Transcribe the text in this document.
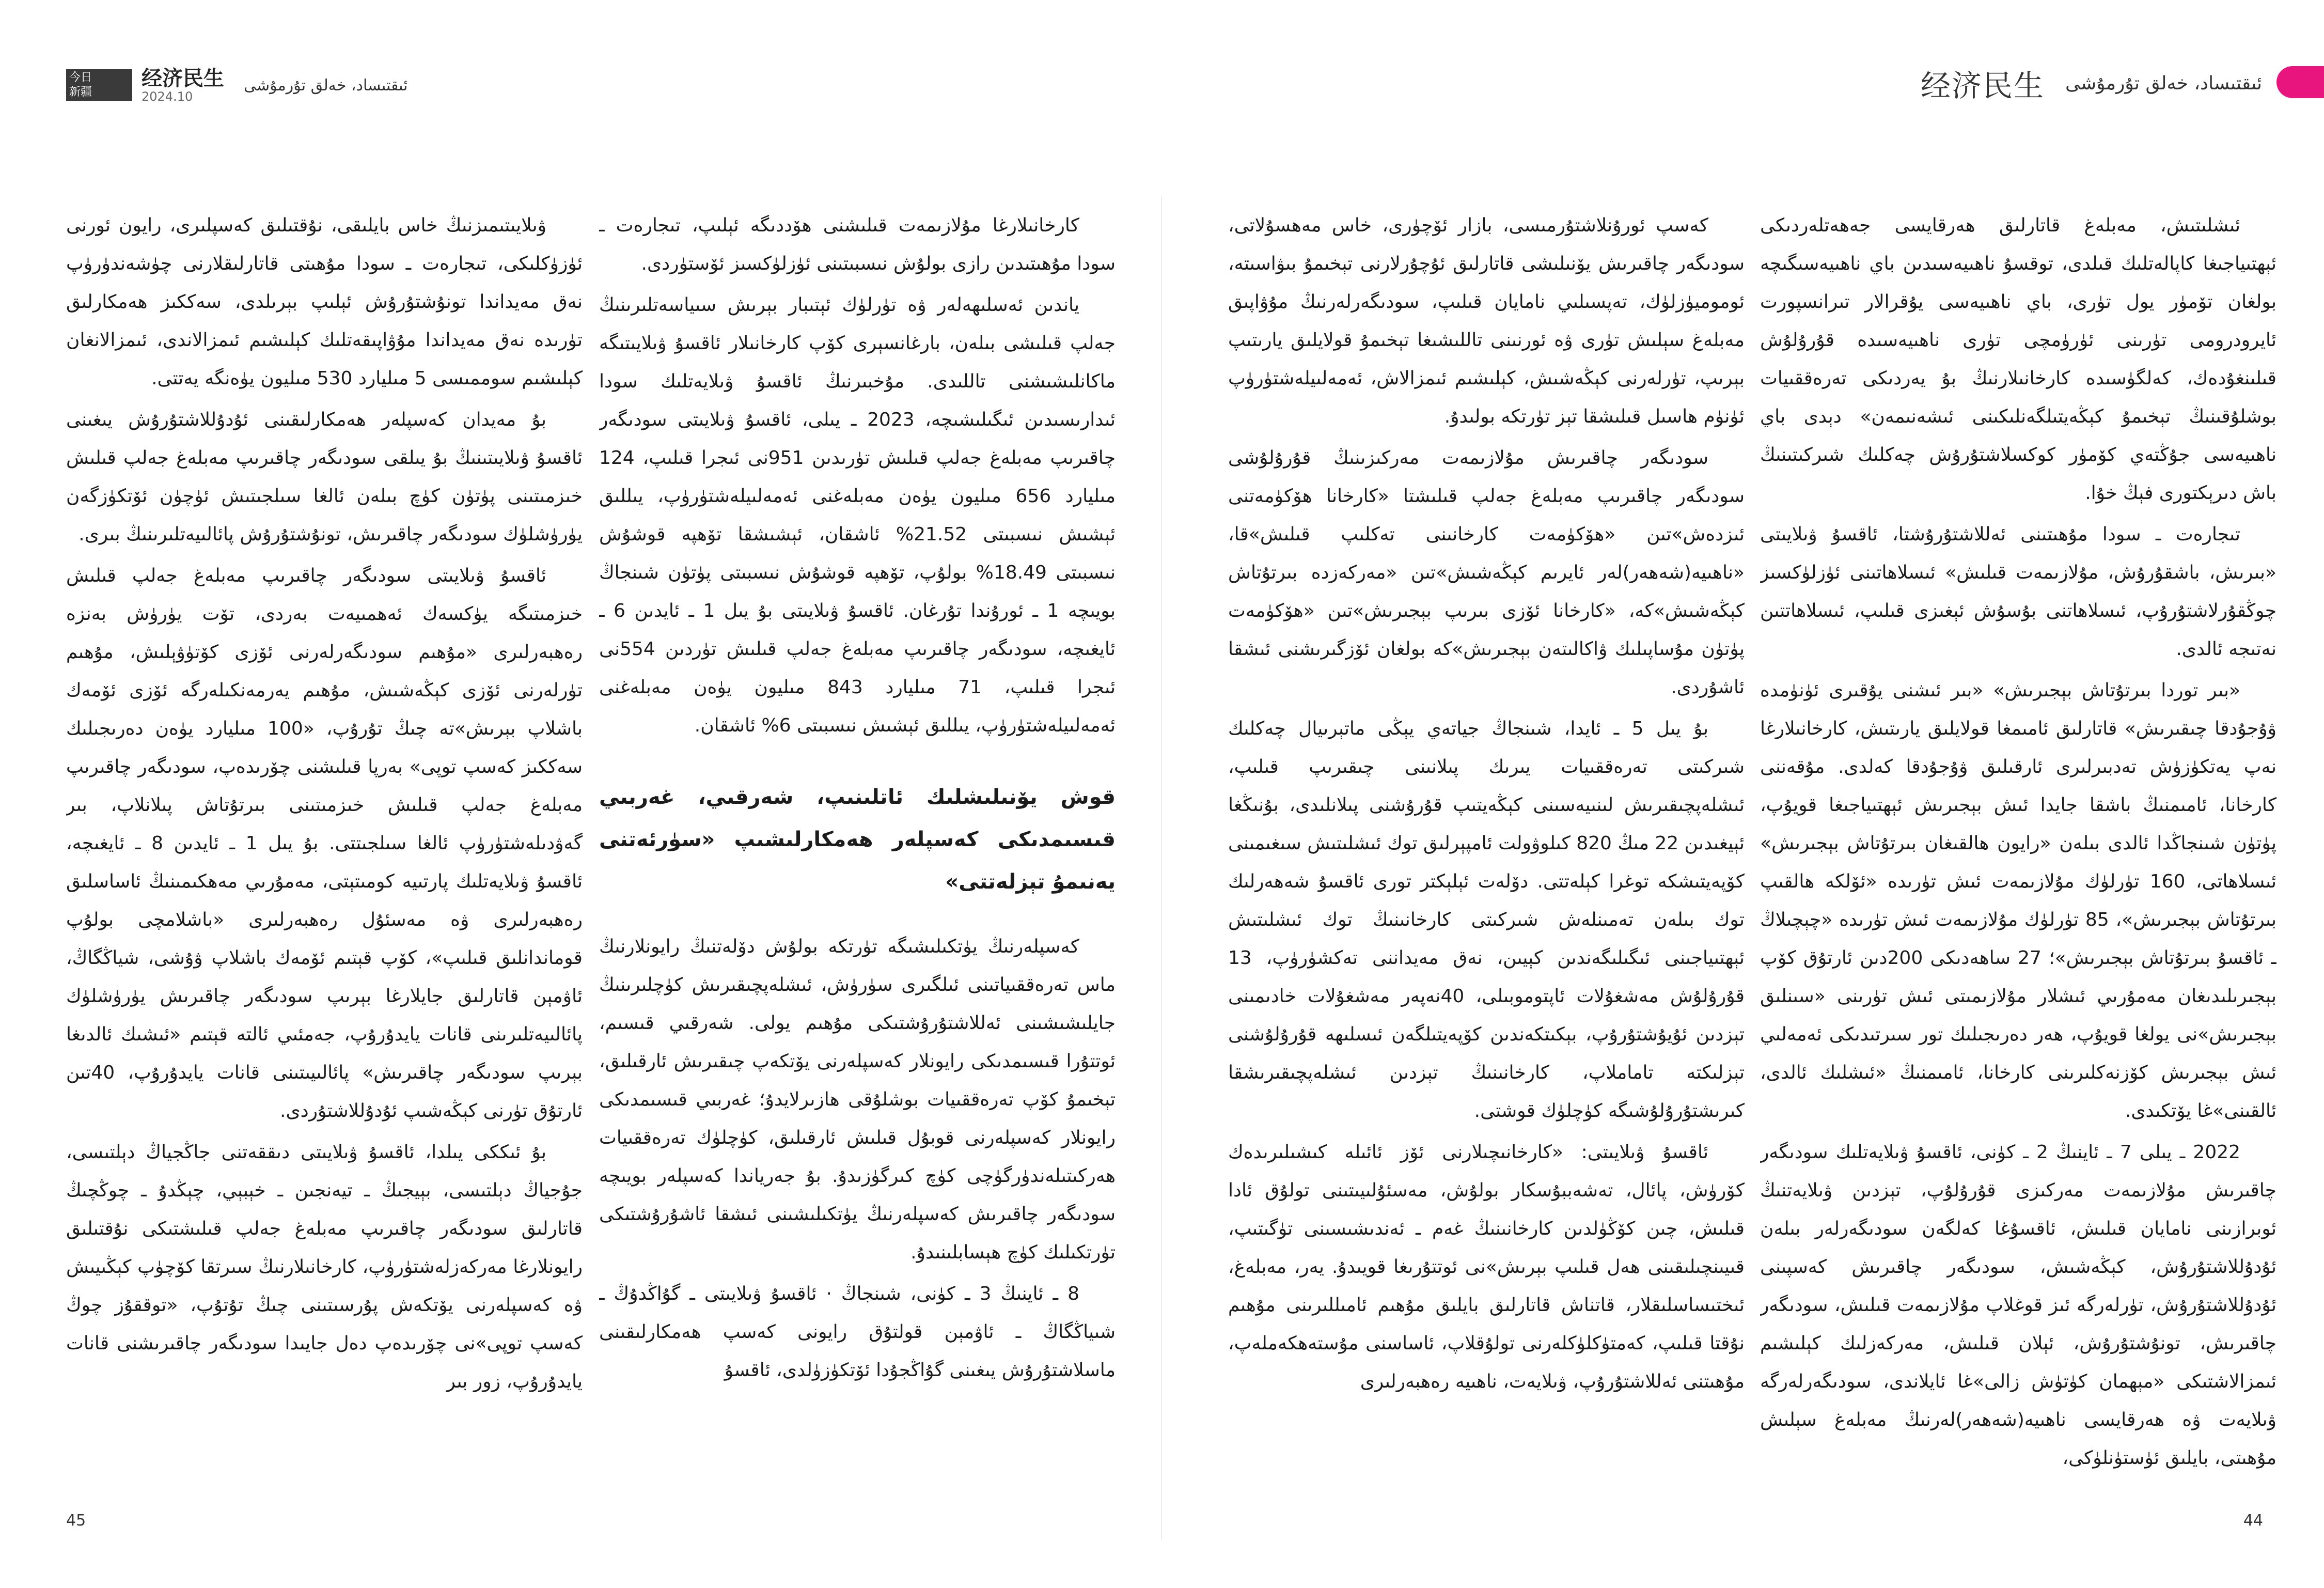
今日
新疆
经济民生
2024.10
ئىقتىساد، خەلق تۇرمۇشى	经济民生 ئىقتىساد، خەلق تۇرمۇشى

ۋىلايىتىمىزنىڭ خاس بايلىقى، نۇقتىلىق كەسپلىرى، رايون ئورنى ئۈزۈكلىكى، تىجارەت ـ سودا مۇھىتى قاتارلىقلارنى چۈشەندۈرۈپ نەق مەيداندا تونۇشتۇرۇش ئېلىپ بېرىلدى، سەككىز ھەمكارلىق تۈرىدە نەق مەيداندا مۇۋاپىقەتلىك كېلىشىم ئىمزالاندى، ئىمزالانغان كېلىشىم سوممىسى 5 مىليارد 530 مىليون يۈەنگە يەتتى.

بۇ مەيدان كەسپلەر ھەمكارلىقىنى ئۇدۇللاشتۇرۇش يىغىنى ئاقسۇ ۋىلايىتىنىڭ بۇ يىلقى سودىگەر چاقىرىپ مەبلەغ جەلپ قىلىش خىزمىتىنى پۈتۈن كۈچ بىلەن ئالغا سىلجىتىش ئۈچۈن ئۆتكۈزگەن يۈرۈشلۈك سودىگەر چاقىرىش، تونۇشتۇرۇش پائالىيەتلىرىنىڭ بىرى.

ئاقسۇ ۋىلايىتى سودىگەر چاقىرىپ مەبلەغ جەلپ قىلىش خىزمىتىگە يۈكسەك ئەھمىيەت بەردى، تۆت يۈرۈش بەنزە رەھبەرلىرى «مۇھىم سودىگەرلەرنى ئۆزى كۆتۈۋېلىش، مۇھىم تۈرلەرنى ئۆزى كېڭەشىش، مۇھىم يەرمەنكىلەرگە ئۆزى ئۆمەك باشلاپ بېرىش»تە چىڭ تۇرۇپ، «100 مىليارد يۈەن دەرىجىلىك سەككىز كەسپ توپى» بەرپا قىلىشنى چۆرىدەپ، سودىگەر چاقىرىپ مەبلەغ جەلپ قىلىش خىزمىتىنى بىرتۇتاش پىلانلاپ، بىر گەۋدىلەشتۈرۈپ ئالغا سىلجىتتى. بۇ يىل 1 ـ ئايدىن 8 ـ ئايغىچە، ئاقسۇ ۋىلايەتلىك پارتىيە كومىتېتى، مەمۇرىي مەھكىمىنىڭ ئاساسلىق رەھبەرلىرى ۋە مەسئۇل رەھبەرلىرى «باشلامچى بولۇپ قوماندانلىق قىلىپ»، كۆپ قېتىم ئۆمەك باشلاپ ۋۇشى، شياڭگاڭ، ئاۋمېن قاتارلىق جايلارغا بېرىپ سودىگەر چاقىرىش يۈرۈشلۈك پائالىيەتلىرىنى قانات يايدۇرۇپ، جەمئىي ئالتە قېتىم «ئىشىك ئالدىغا بېرىپ سودىگەر چاقىرىش» پائالىيىتىنى قانات يايدۇرۇپ، 40تىن ئارتۇق تۈرنى كېڭەشىپ ئۇدۇللاشتۇردى.

بۇ ئىككى يىلدا، ئاقسۇ ۋىلايىتى دىققەتنى جاڭجياڭ دېلتىسى، جۇجياڭ دېلتىسى، بېيجىڭ ـ تيەنجىن ـ خېبېي، چېڭدۇ ـ چوڭچىڭ قاتارلىق سودىگەر چاقىرىپ مەبلەغ جەلپ قىلىشتىكى نۇقتىلىق رايونلارغا مەركەزلەشتۈرۈپ، كارخانىلارنىڭ سىرتقا كۆچۈپ كېڭىيىش ۋە كەسپلەرنى يۆتكەش پۇرسىتىنى چىڭ تۇتۇپ، «توققۇز چوڭ كەسپ توپى»نى چۆرىدەپ دەل جايىدا سودىگەر چاقىرىشنى قانات يايدۇرۇپ، زور بىر

كارخانىلارغا مۇلازىمەت قىلىشنى ھۆددىگە ئېلىپ، تىجارەت ـ سودا مۇھىتىدىن رازى بولۇش نىسبىتىنى ئۈزلۈكسىز ئۆستۈردى.

ياندىن ئەسلىھەلەر ۋە تۈرلۈك ئېتىبار بېرىش سىياسەتلىرىنىڭ جەلپ قىلىشى بىلەن، بارغانسېرى كۆپ كارخانىلار ئاقسۇ ۋىلايىتىگە ماكانلىشىشنى تاللىدى. مۇخبىرنىڭ ئاقسۇ ۋىلايەتلىك سودا ئىدارىسىدىن ئىگىلىشىچە، 2023 ـ يىلى، ئاقسۇ ۋىلايىتى سودىگەر چاقىرىپ مەبلەغ جەلپ قىلىش تۈرىدىن 951نى ئىجرا قىلىپ، 124 مىليارد 656 مىليون يۈەن مەبلەغنى ئەمەلىيلەشتۈرۈپ، يىللىق ئېشىش نىسبىتى 21.52% ئاشقان، ئېشىشقا تۆھپە قوشۇش نىسبىتى 18.49% بولۇپ، تۆھپە قوشۇش نىسبىتى پۈتۈن شىنجاڭ بويىچە 1 ـ ئورۇندا تۇرغان. ئاقسۇ ۋىلايىتى بۇ يىل 1 ـ ئايدىن 6 ـ ئايغىچە، سودىگەر چاقىرىپ مەبلەغ جەلپ قىلىش تۈردىن 554نى ئىجرا قىلىپ، 71 مىليارد 843 مىليون يۈەن مەبلەغنى ئەمەلىيلەشتۈرۈپ، يىللىق ئېشىش نىسبىتى 6% ئاشقان.

قوش يۆنىلىشلىك ئاتلىنىپ، شەرقىي، غەربىي قىسىمدىكى كەسپلەر ھەمكارلىشىپ «سۈرئەتنى يەنىمۇ تېزلەتتى»

كەسپلەرنىڭ يۈتكىلىشىگە تۈرتكە بولۇش دۆلەتنىڭ رايونلارنىڭ ماس تەرەققىياتىنى ئىلگىرى سۈرۈش، ئىشلەپچىقىرىش كۈچلىرىنىڭ جايلىشىشىنى ئەللاشتۇرۇشتىكى مۇھىم يولى. شەرقىي قىسىم، ئوتتۇرا قىسىمدىكى رايونلار كەسپلەرنى يۆتكەپ چىقىرىش ئارقىلىق، تېخىمۇ كۆپ تەرەققىيات بوشلۇقى ھازىرلايدۇ؛ غەربىي قىسىمدىكى رايونلار كەسپلەرنى قوبۇل قىلىش ئارقىلىق، كۈچلۈك تەرەققىيات ھەركىتىلەندۈرگۈچى كۈچ كىرگۈزىدۇ. بۇ جەرياندا كەسپلەر بويىچە سودىگەر چاقىرىش كەسپلەرنىڭ يۈتكىلىشىنى ئىشقا ئاشۇرۇشتىكى تۈرتكىلىك كۈچ ھېسابلىنىدۇ.

8 ـ ئاينىڭ 3 ـ كۈنى، شىنجاڭ · ئاقسۇ ۋىلايىتى ـ گۇاڭدۇڭ ـ شىياڭگاڭ ـ ئاۋمېن قولتۇق رايونى كەسپ ھەمكارلىقىنى ماسلاشتۇرۇش يىغىنى گۇاڭجۇدا ئۆتكۈزۈلدى، ئاقسۇ

كەسپ ئورۇنلاشتۇرمىسى، بازار ئۆچۈرى، خاس مەھسۇلاتى، سودىگەر چاقىرىش يۆنىلىشى قاتارلىق ئۇچۇرلارنى تېخىمۇ بىۋاسىتە، ئوموميۈزلۈك، تەپسىلىي نامايان قىلىپ، سودىگەرلەرنىڭ مۇۋاپىق مەبلەغ سېلىش تۈرى ۋە ئورنىنى تاللىشىغا تېخىمۇ قولايلىق يارىتىپ بېرىپ، تۈرلەرنى كېڭەشىش، كېلىشىم ئىمزالاش، ئەمەلىيلەشتۈرۈپ ئۈنۈم ھاسىل قىلىشقا تېز تۈرتكە بولىدۇ.

سودىگەر چاقىرىش مۇلازىمەت مەركىزىنىڭ قۇرۇلۇشى سودىگەر چاقىرىپ مەبلەغ جەلپ قىلىشتا «كارخانا ھۆكۈمەتنى ئىزدەش»تىن «ھۆكۈمەت كارخانىنى تەكلىپ قىلىش»قا، «ناھىيە(شەھەر)لەر ئايرىم كېڭەشىش»تىن «مەركەزدە بىرتۇتاش كېڭەشىش»كە، «كارخانا ئۆزى بىرىپ بېجىرىش»تىن «ھۆكۈمەت پۈتۈن مۇساپىلىك ۋاكالىتەن بېجىرىش»كە بولغان ئۆزگىرىشنى ئىشقا ئاشۇردى.

بۇ يىل 5 ـ ئايدا، شىنجاڭ جياتەي يېڭى ماتېرىيال چەكلىك شىركىتى تەرەققىيات يىرىك پىلانىنى چىقىرىپ قىلىپ، ئىشلەپچىقىرىش لىنىيەسىنى كېڭەيتىپ قۇرۇشنى پىلانلىدى، بۇنىڭغا ئېيغىدىن 22 مىڭ 820 كىلوۋولت ئامپېرلىق توك ئىشلىتىش سىغىمىنى كۆپەيتىشكە توغرا كېلەتتى. دۆلەت ئېلېكتر تورى ئاقسۇ شەھەرلىك توك بىلەن تەمىنلەش شىركىتى كارخانىنىڭ توك ئىشلىتىش ئېھتىياجىنى ئىگىلىگەندىن كېيىن، نەق مەيداننى تەكشۈرۈپ، 13 قۇرۇلۇش مەشغۇلات ئاپتوموبىلى، 40نەپەر مەشغۇلات خادىمىنى تېزدىن ئۇيۇشتۇرۇپ، بېكىتكەندىن كۆپەيتىلگەن ئىسلىھە قۇرۇلۇشنى تېزلىكتە تاماملاپ، كارخانىنىڭ تېزدىن ئىشلەپچىقىرىشقا كىرىشتۇرۇلۇشىگە كۈچلۈك قوشتى.

ئاقسۇ ۋىلايىتى: «كارخانىچىلارنى ئۆز ئائىلە كىشىلىرىدەك كۆرۈش، پائال، تەشەببۇسكار بولۇش، مەسئۇلىيىتىنى تولۇق ئادا قىلىش، چىن كۆڭۈلدىن كارخانىنىڭ غەم ـ ئەندىشىسىنى تۈگىتىپ، قىيىنچىلىقىنى ھەل قىلىپ بېرىش»نى ئوتتۇرىغا قويىدۇ. يەر، مەبلەغ، ئىختىساسلىقلار، قاتناش قاتارلىق بايلىق مۇھىم ئامىللىرىنى مۇھىم نۇقتا قىلىپ، كەمتۈكلۈكلەرنى تولۇقلاپ، ئاساسنى مۇستەھكەملەپ، مۇھىتنى ئەللاشتۇرۇپ، ۋىلايەت، ناھىيە رەھبەرلىرى

ئىشلىتىش، مەبلەغ قاتارلىق ھەرقايسى جەھەتلەردىكى ئېھتىياجىغا كاپالەتلىك قىلدى، توقسۇ ناھىيەسىدىن باي ناھىيەسىگىچە بولغان تۆمۈر يول تۈرى، باي ناھىيەسى يۇقرالار تىرانسپورت ئايرودرومى تۈرىنى ئۈرۈمچى تۈرى ناھىيەسىدە قۇرۇلۇش قىلىنغۇدەك، كەلگۈسىدە كارخانىلارنىڭ بۇ يەردىكى تەرەققىيات بوشلۇقىنىڭ تېخىمۇ كېڭەيتىلگەنلىكىنى ئىشەنىمەن» دېدى باي ناھىيەسى جۇڭتەي كۆمۈر كوكسلاشتۇرۇش چەكلىك شىركىتىنىڭ باش دىرېكتورى فېڭ خۇا.

تىجارەت ـ سودا مۇھىتىنى ئەللاشتۇرۇشتا، ئاقسۇ ۋىلايىتى «بىرىش، باشقۇرۇش، مۇلازىمەت قىلىش» ئىسلاھاتىنى ئۈزلۈكسىز چوڭقۇرلاشتۇرۇپ، ئىسلاھاتنى بۇسۇش ئېغىزى قىلىپ، ئىسلاھاتتىن نەتىجە ئالدى.

«بىر توردا بىرتۇتاش بېجىرىش» «بىر ئىشنى يۇقىرى ئۈنۈمدە ۋۇجۇدقا چىقىرىش» قاتارلىق ئامىمغا قولايلىق يارىتىش، كارخانىلارغا نەپ يەتكۈزۈش تەدبىرلىرى ئارقىلىق ۋۇجۇدقا كەلدى. مۇقەننى كارخانا، ئامىمنىڭ باشقا جايدا ئىش بېجىرىش ئېھتىياجىغا قويۇپ، پۈتۈن شىنجاڭدا ئالدى بىلەن «رايون ھالقىغان بىرتۇتاش بېجىرىش» ئىسلاھاتى، 160 تۈرلۈك مۇلازىمەت ئىش تۈرىدە «ئۆلكە ھالقىپ بىرتۇتاش بېجىرىش»، 85 تۈرلۈك مۇلازىمەت ئىش تۈرىدە «چېچىلاڭ ـ ئاقسۇ بىرتۇتاش بېجىرىش»؛ 27 ساھەدىكى 200دىن ئارتۇق كۆپ بېجىرىلىدىغان مەمۇرىي ئىشلار مۇلازىمىتى ئىش تۈرىنى «سىنلىق بېجىرىش»نى يولغا قويۇپ، ھەر دەرىجىلىك تور سىرتىدىكى ئەمەلىي ئىش بېجىرىش كۆزنەكلىرىنى كارخانا، ئامىمنىڭ «ئىشلىك ئالدى، ئالقىنى»غا يۆتكىدى.

2022 ـ يىلى 7 ـ ئاينىڭ 2 ـ كۈنى، ئاقسۇ ۋىلايەتلىك سودىگەر چاقىرىش مۇلازىمەت مەركىزى قۇرۇلۇپ، تېزدىن ۋىلايەتنىڭ ئوبرازىنى نامايان قىلىش، ئاقسۇغا كەلگەن سودىگەرلەر بىلەن ئۇدۇللاشتۇرۇش، كېڭەشىش، سودىگەر چاقىرىش كەسپىنى ئۇدۇللاشتۇرۇش، تۈرلەرگە ئىز قوغلاپ مۇلازىمەت قىلىش، سودىگەر چاقىرىش، تونۇشتۇرۇش، ئېلان قىلىش، مەركەزلىك كېلىشىم ئىمزالاشتىكى «مېھمان كۈتۈش زالى»غا ئايلاندى، سودىگەرلەرگە ۋىلايەت ۋە ھەرقايسى ناھىيە(شەھەر)لەرنىڭ مەبلەغ سېلىش مۇھىتى، بايلىق ئۈستۈنلۈكى،

45	44
